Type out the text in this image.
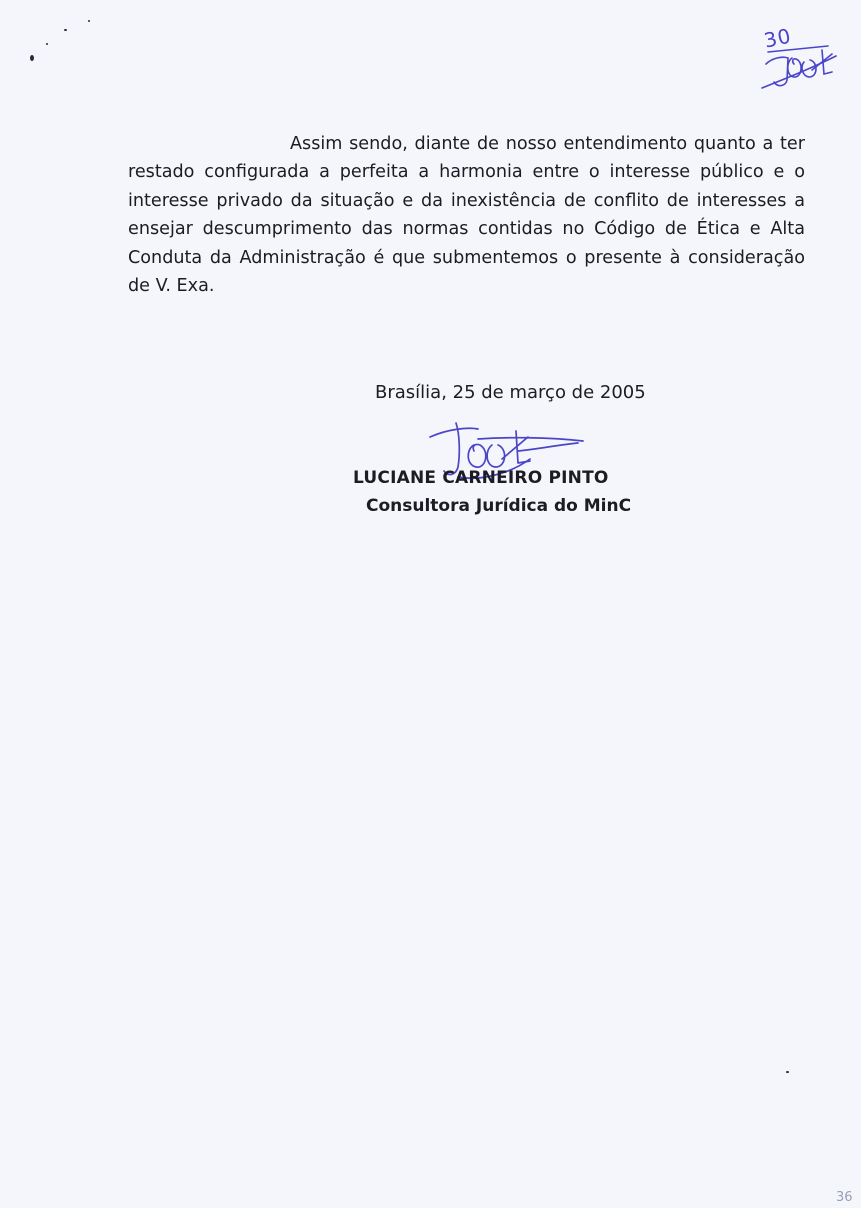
30

Assim sendo, diante de nosso entendimento quanto a ter restado configurada a perfeita a harmonia entre o interesse público e o interesse privado da situação e da inexistência de conflito de interesses a ensejar descumprimento das normas contidas no Código de Ética e Alta Conduta da Administração é que submentemos o presente à consideração de V. Exa.

Brasília, 25 de março de 2005

LUCIANE CARNEIRO PINTO

Consultora Jurídica do MinC

36
